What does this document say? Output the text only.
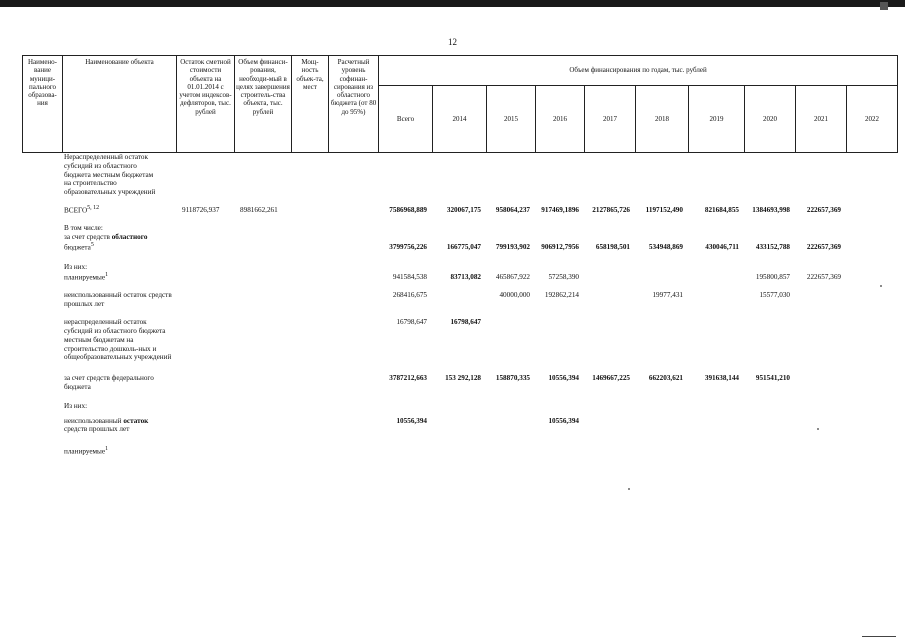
12
Наимено-вание муници-пального образова-ния	Наименование объекта	Остаток сметной стоимости объекта на 01.01.2014 с учетом индексов-дефляторов, тыс. рублей	Объем финанси-рования, необходи-мый в целях завершения строитель-ства объекта, тыс. рублей	Мощ-ность объек-та, мест	Расчетный уровень софинан-сирования из областного бюджета (от 80 до 95%)	Объем финансирования по годам, тыс. рублей									
						Всего	2014	2015	2016	2017	2018	2019	2020	2021	2022
Нераспределенный остаток субсидий из областного бюджета местным бюджетам на строительство образовательных учреждений														

ВСЕГО$^{5, 12}$	9118726,937	8981662,261			7586968,889	320067,175	958064,237	917469,1896	2127865,726	1197152,490	821684,855	1384693,998	222657,369	

В том числе:														
за счет средств областного
бюджета$^5$					3799756,226	166775,047	799193,902	906912,7956	658198,501	534948,869	430046,711	433152,788	222657,369	

Из них:														
планируемые$^1$					941584,538	83713,082	465867,922	57258,390				195800,857	222657,369	

неиспользованный остаток средств прошлых лет					268416,675		40000,000	192862,214		19977,431		15577,030		

нераспределенный остаток субсидий из областного бюджета местным бюджетам на строительство дошколь-ных и общеобразовательных учреждений					16798,647	16798,647								

за счет средств федерального бюджета					3787212,663	153 292,128	158870,335	10556,394	1469667,225	662203,621	391638,144	951541,210		

Из них:														

неиспользованный остаток
средств прошлых лет					10556,394			10556,394						

планируемые$^1$
